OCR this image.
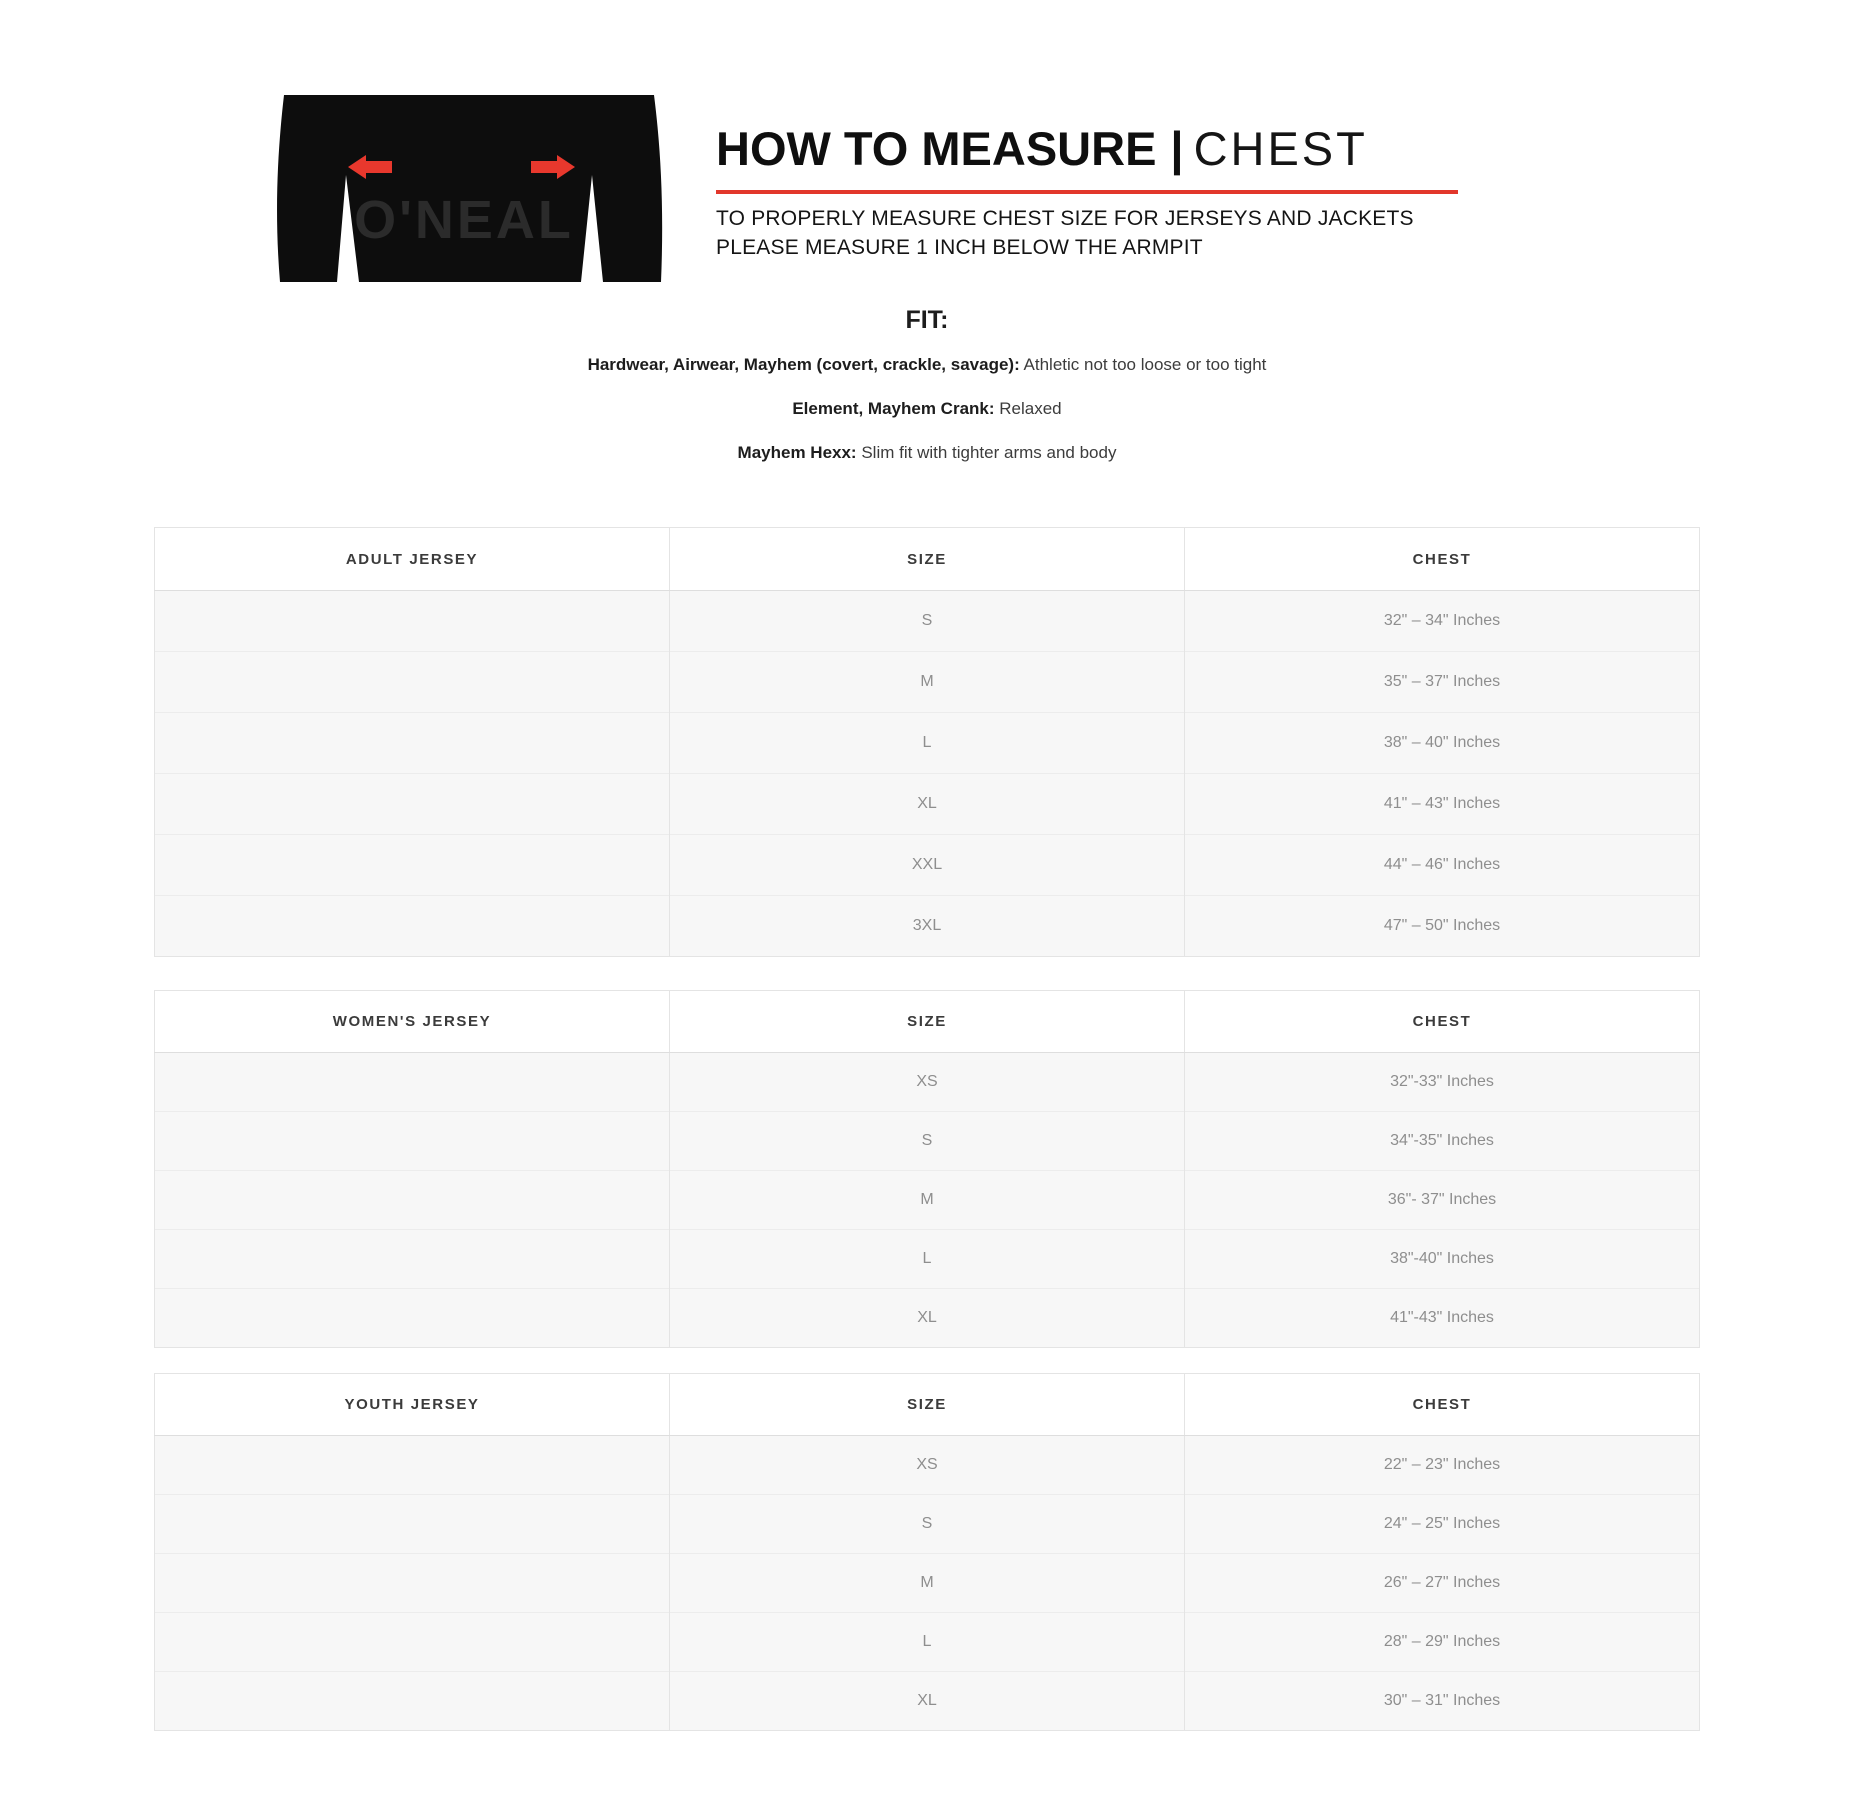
O'NEAL
HOW TO MEASURE | CHEST

TO PROPERLY MEASURE CHEST SIZE FOR JERSEYS AND JACKETS PLEASE MEASURE 1 INCH BELOW THE ARMPIT

FIT:

Hardwear, Airwear, Mayhem (covert, crackle, savage): Athletic not too loose or too tight

Element, Mayhem Crank: Relaxed

Mayhem Hexx: Slim fit with tighter arms and body

ADULT JERSEY	SIZE	CHEST
	S	32" – 34" Inches
	M	35" – 37" Inches
	L	38" – 40" Inches
	XL	41" – 43" Inches
	XXL	44" – 46" Inches
	3XL	47" – 50" Inches
WOMEN'S JERSEY	SIZE	CHEST
	XS	32"-33" Inches
	S	34"-35" Inches
	M	36"- 37" Inches
	L	38"-40" Inches
	XL	41"-43" Inches
YOUTH JERSEY	SIZE	CHEST
	XS	22" – 23" Inches
	S	24" – 25" Inches
	M	26" – 27" Inches
	L	28" – 29" Inches
	XL	30" – 31" Inches
